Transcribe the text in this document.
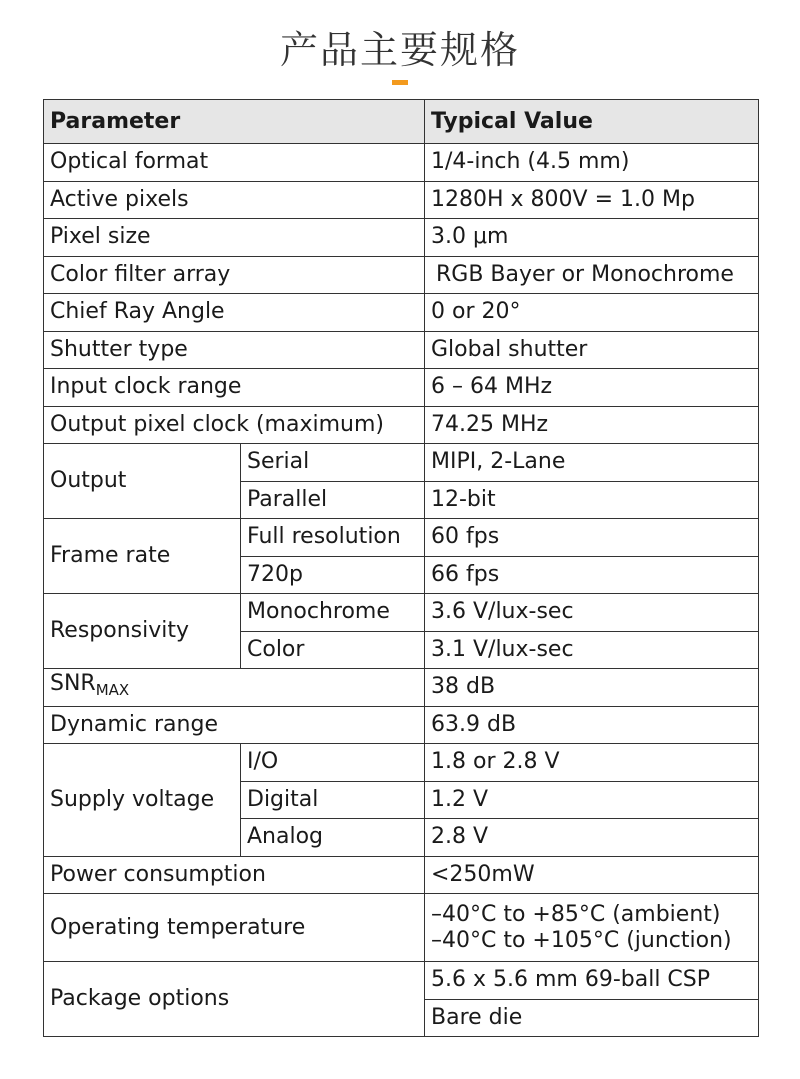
产品主要规格
Parameter		Typical Value
Optical format		1/4-inch (4.5 mm)
Active pixels		1280H x 800V = 1.0 Mp
Pixel size		3.0 μm
Color filter array		RGB Bayer or Monochrome
Chief Ray Angle		0 or 20°
Shutter type		Global shutter
Input clock range		6 – 64 MHz
Output pixel clock (maximum)		74.25 MHz
Output	Serial	MIPI, 2-Lane
	Parallel	12-bit
Frame rate	Full resolution	60 fps
	720p	66 fps
Responsivity	Monochrome	3.6 V/lux-sec
	Color	3.1 V/lux-sec
$SNR_{MAX}$		38 dB
Dynamic range		63.9 dB
Supply voltage	I/O	1.8 or 2.8 V
	Digital	1.2 V
	Analog	2.8 V
Power consumption		<250mW
Operating temperature		–40°C to +85°C (ambient)
–40°C to +105°C (junction)

Package options		5.6 x 5.6 mm 69-ball CSP
		Bare die
